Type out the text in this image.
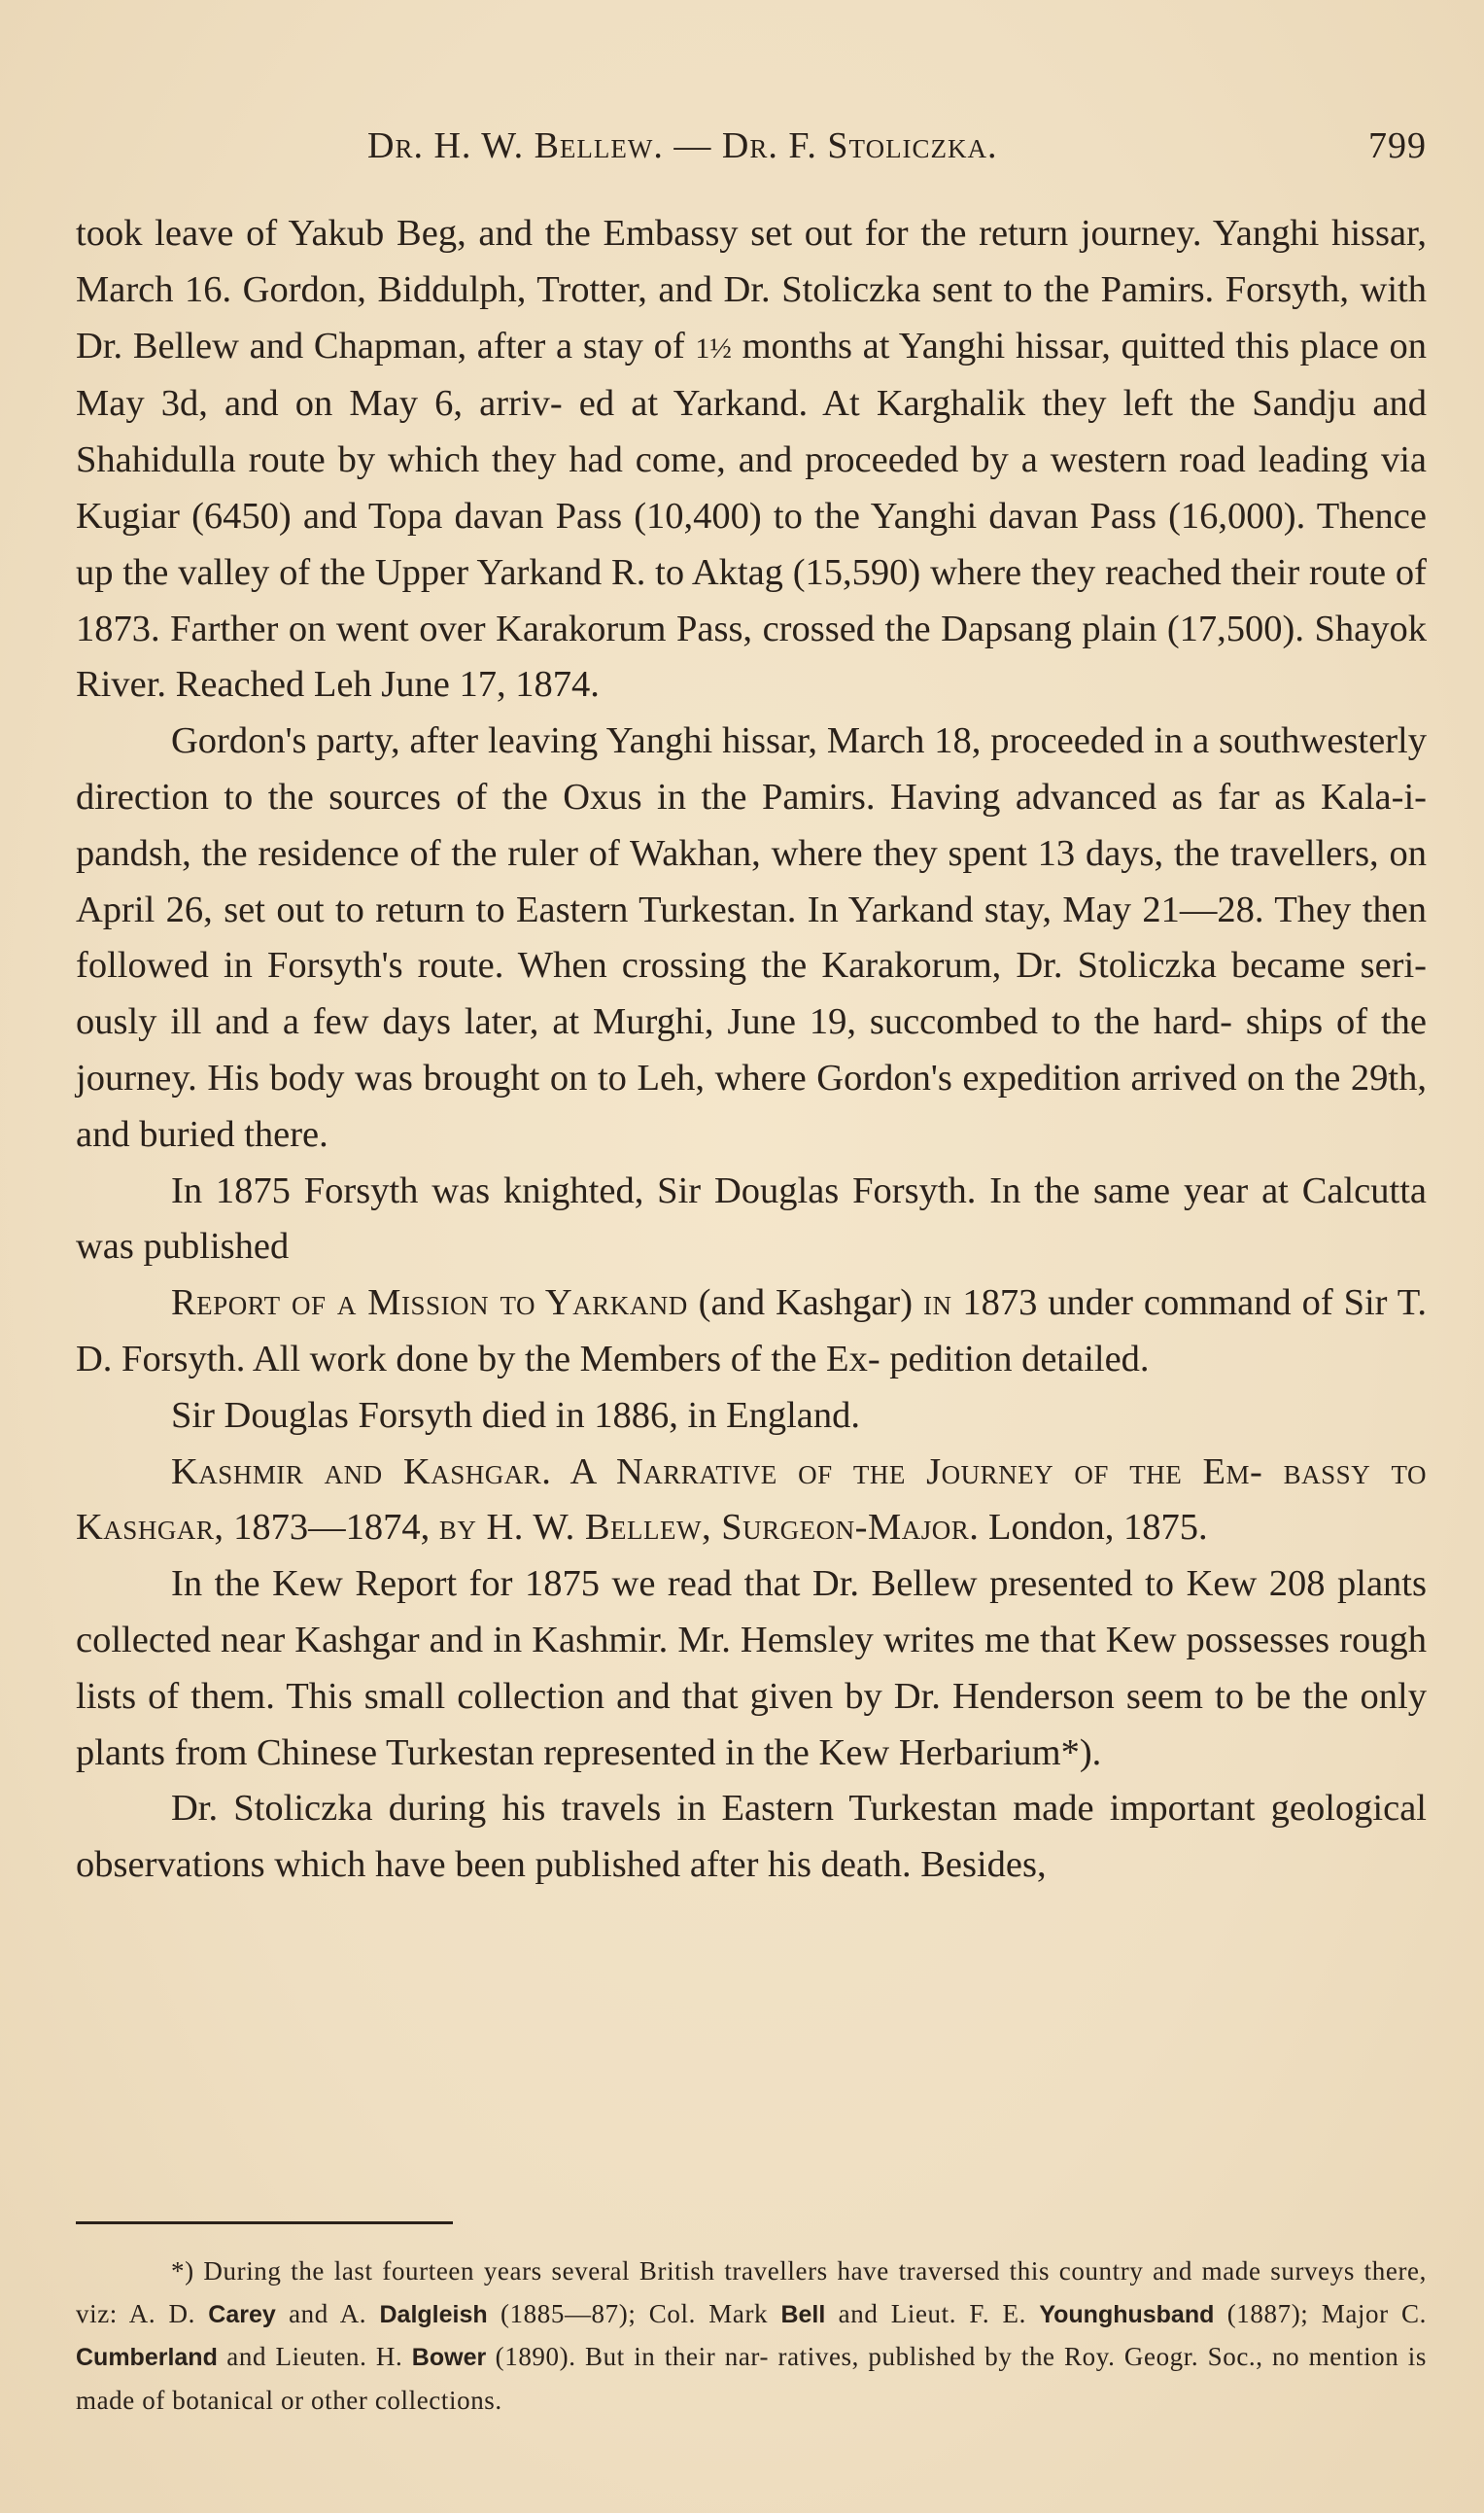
Dr. H. W. Bellew. — Dr. F. Stoliczka.	799

took leave of Yakub Beg, and the Embassy set out for the return journey. Yanghi hissar, March 16. Gordon, Biddulph, Trotter, and Dr. Stoliczka sent to the Pamirs. Forsyth, with Dr. Bellew and Chapman, after a stay of 1½ months at Yanghi hissar, quitted this place on May 3d, and on May 6, arriv- ed at Yarkand. At Karghalik they left the Sandju and Shahidulla route by which they had come, and proceeded by a western road leading via Kugiar (6450) and Topa davan Pass (10,400) to the Yanghi davan Pass (16,000). Thence up the valley of the Upper Yarkand R. to Aktag (15,590) where they reached their route of 1873. Farther on went over Karakorum Pass, crossed the Dapsang plain (17,500). Shayok River. Reached Leh June 17, 1874.

Gordon's party, after leaving Yanghi hissar, March 18, proceeded in a southwesterly direction to the sources of the Oxus in the Pamirs. Having advanced as far as Kala-i-pandsh, the residence of the ruler of Wakhan, where they spent 13 days, the travellers, on April 26, set out to return to Eastern Turkestan. In Yarkand stay, May 21—28. They then followed in Forsyth's route. When crossing the Karakorum, Dr. Stoliczka became seri- ously ill and a few days later, at Murghi, June 19, succombed to the hard- ships of the journey. His body was brought on to Leh, where Gordon's expedition arrived on the 29th, and buried there.

In 1875 Forsyth was knighted, Sir Douglas Forsyth. In the same year at Calcutta was published

Report of a Mission to Yarkand (and Kashgar) in 1873 under command of Sir T. D. Forsyth. All work done by the Members of the Ex- pedition detailed.

Sir Douglas Forsyth died in 1886, in England.

Kashmir and Kashgar. A Narrative of the Journey of the Em- bassy to Kashgar, 1873—1874, by H. W. Bellew, Surgeon-Major. London, 1875.

In the Kew Report for 1875 we read that Dr. Bellew presented to Kew 208 plants collected near Kashgar and in Kashmir. Mr. Hemsley writes me that Kew possesses rough lists of them. This small collection and that given by Dr. Henderson seem to be the only plants from Chinese Turkestan represented in the Kew Herbarium*).

Dr. Stoliczka during his travels in Eastern Turkestan made important geological observations which have been published after his death. Besides,

*) During the last fourteen years several British travellers have traversed this country and made surveys there, viz: A. D. Carey and A. Dalgleish (1885—87); Col. Mark Bell and Lieut. F. E. Younghusband (1887); Major C. Cumberland and Lieuten. H. Bower (1890). But in their nar- ratives, published by the Roy. Geogr. Soc., no mention is made of botanical or other collections.
